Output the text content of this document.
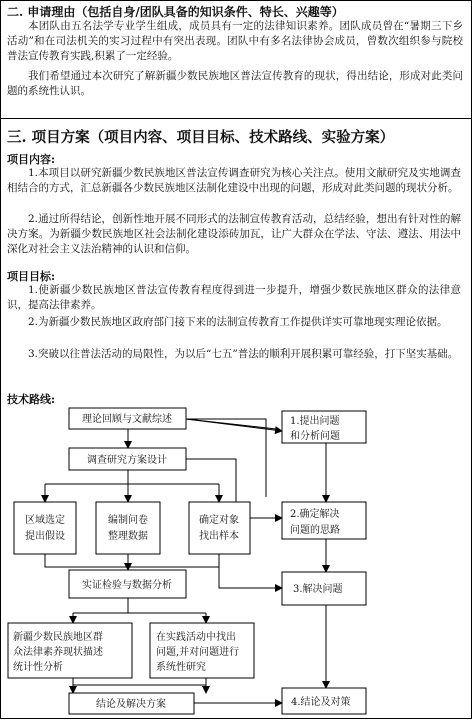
二. 申请理由（包括自身/团队具备的知识条件、特长、兴趣等）
本团队由五名法学专业学生组成，成员具有一定的法律知识素养。团队成员曾在“暑期三下乡活动”和在司法机关的实习过程中有突出表现。团队中有多名法律协会成员，曾数次组织参与院校普法宣传教育实践,积累了一定经验。
我们希望通过本次研究了解新疆少数民族地区普法宣传教育的现状，得出结论，形成对此类问题的系统性认识。
三. 项目方案（项目内容、项目目标、技术路线、实验方案）
项目内容:
1.本项目以研究新疆少数民族地区普法宣传调查研究为核心关注点。使用文献研究及实地调查相结合的方式，汇总新疆各少数民族地区法制化建设中出现的问题，形成对此类问题的现状分析。
2.通过所得结论，创新性地开展不同形式的法制宣传教育活动，总结经验，想出有针对性的解决方案。为新疆少数民族地区社会法制化建设添砖加瓦，让广大群众在学法、守法、遵法、用法中深化对社会主义法治精神的认识和信仰。
项目目标:
1.使新疆少数民族地区普法宣传教育程度得到进一步提升，增强少数民族地区群众的法律意识，提高法律素养。
2.为新疆少数民族地区政府部门接下来的法制宣传教育工作提供详实可靠地现实理论依据。
3.突破以往普法活动的局限性，为以后“七五”普法的顺利开展积累可靠经验，打下坚实基础。
技术路线:
理论回顾与文献综述
调查研究方案设计
区域选定
提出假设
编制问卷
整理数据
确定对象
找出样本
实证检验与数据分析
新疆少数民族地区群
众法律素养现状描述
统计性分析
在实践活动中找出
问题,并对问题进行
系统性研究
结论及解决方案
1.提出问题
和分析问题
2.确定解决
问题的思路
3.解决问题
4.结论及对策
